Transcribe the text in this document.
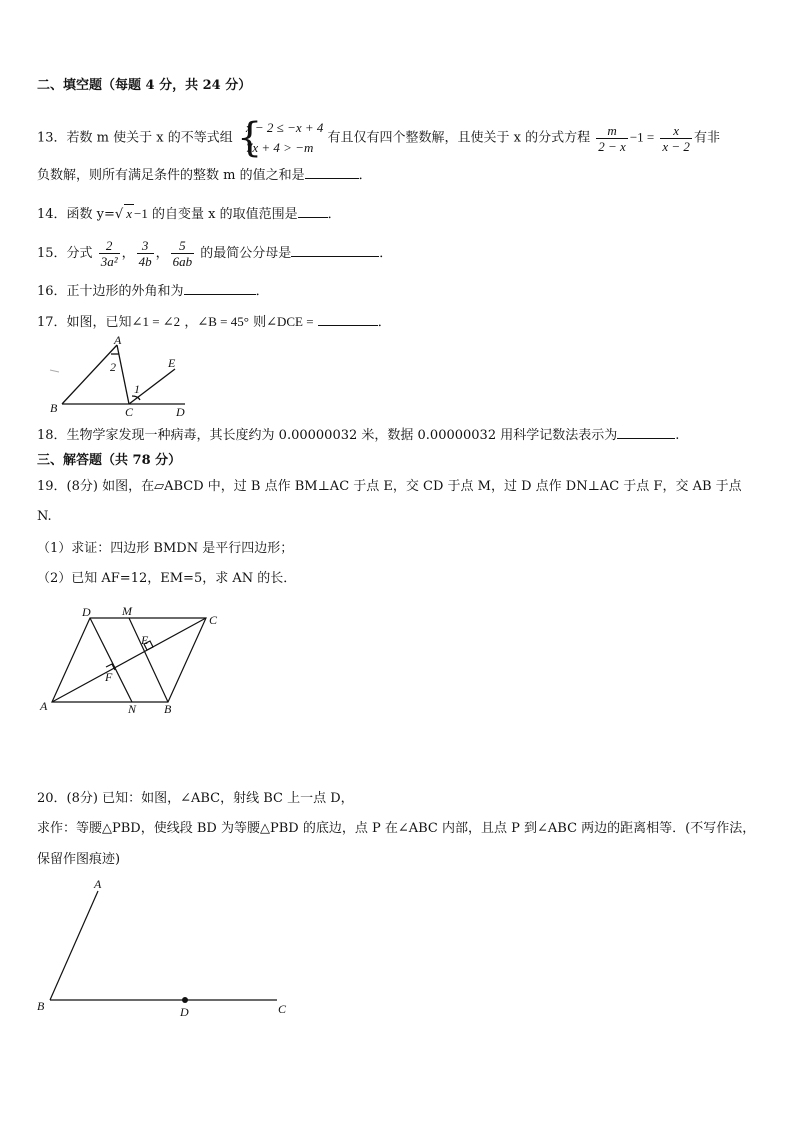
二、填空题（每题 4 分，共 24 分）
13．若数 m 使关于 x 的不等式组 {
x − 2 ≤ −x + 4
7x + 4 > −m
有且仅有四个整数解，且使关于 x 的分式方程 $\frac{m}{2 - x} -1 = \frac{x}{x - 2}$ 有非
负数解，则所有满足条件的整数 m 的值之和是	．
14．函数 y=√ x −1 的自变量 x 的取值范围是 ．
15．分式 $\frac{2}{\text{3a²}}$ ， $\frac{3}{4b}$ ， $\frac{5}{6ab}$ 的最简公分母是	．
16．正十边形的外角和为	．
17．如图，已知∠1 = ∠2 ，∠B = 45° 则∠DCE =	．
A
B	C	D
E
1
2
18．生物学家发现一种病毒，其长度约为 0.00000032 米，数据 0.00000032 用科学记数法表示为	.
三、解答题（共 78 分）
19．(8分) 如图，在▱ABCD 中，过 B 点作 BM⊥AC 于点 E，交 CD 于点 M，过 D 点作 DN⊥AC 于点 F，交 AB 于点
N.
（1）求证：四边形 BMDN 是平行四边形；
（2）已知 AF=12，EM=5，求 AN 的长．
A	B
C
D	M
N
E
F
20．(8分) 已知：如图，∠ABC，射线 BC 上一点 D，
求作：等腰△PBD，使线段 BD 为等腰△PBD 的底边，点 P 在∠ABC 内部，且点 P 到∠ABC 两边的距离相等．(不写作法，
保留作图痕迹)
A
B	C
D
